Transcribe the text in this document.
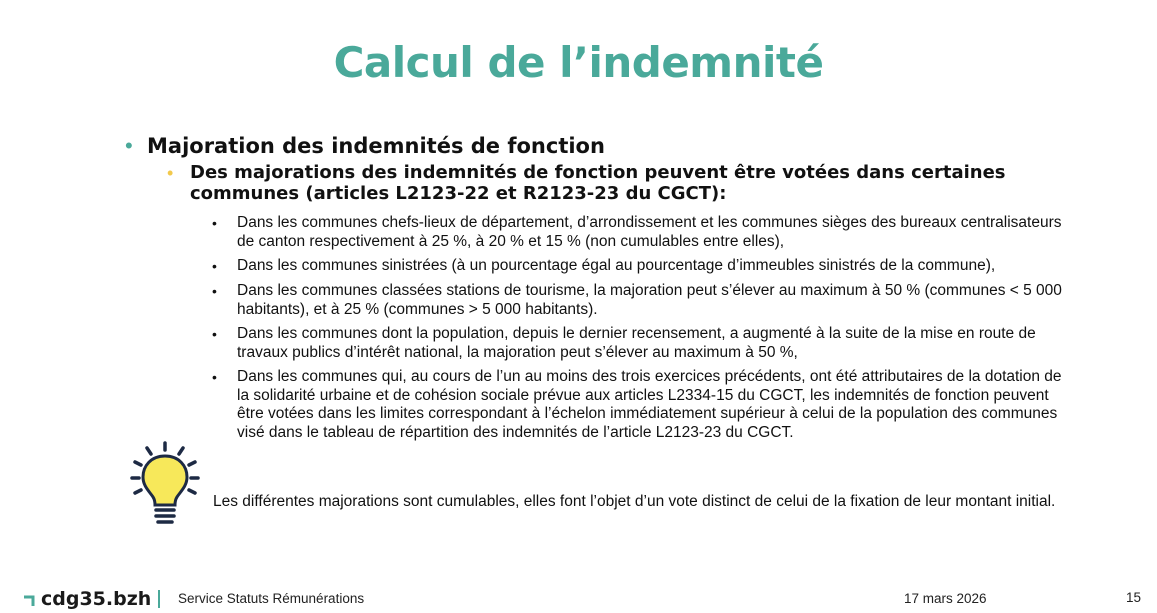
Calcul de l’indemnité
• Majoration des indemnités de fonction
• Des majorations des indemnités de fonction peuvent être votées dans certaines communes (articles L2123-22 et R2123-23 du CGCT):
•	Dans les communes chefs-lieux de département, d’arrondissement et les communes sièges des bureaux centralisateurs de canton respectivement à 25 %, à 20 % et 15 % (non cumulables entre elles),
•	Dans les communes sinistrées (à un pourcentage égal au pourcentage d’immeubles sinistrés de la commune),
•	Dans les communes classées stations de tourisme, la majoration peut s’élever au maximum à 50 % (communes < 5 000 habitants), et à 25 % (communes > 5 000 habitants).
•	Dans les communes dont la population, depuis le dernier recensement, a augmenté à la suite de la mise en route de travaux publics d’intérêt national, la majoration peut s’élever au maximum à 50 %,
•	Dans les communes qui, au cours de l’un au moins des trois exercices précédents, ont été attributaires de la dotation de la solidarité urbaine et de cohésion sociale prévue aux articles L2334-15 du CGCT, les indemnités de fonction peuvent être votées dans les limites correspondant à l’échelon immédiatement supérieur à celui de la population des communes visé dans le tableau de répartition des indemnités de l’article L2123-23 du CGCT.
Les différentes majorations sont cumulables, elles font l’objet d’un vote distinct de celui de la fixation de leur montant initial.
cdg35.bzh Service Statuts Rémunérations	17 mars 2026	15
